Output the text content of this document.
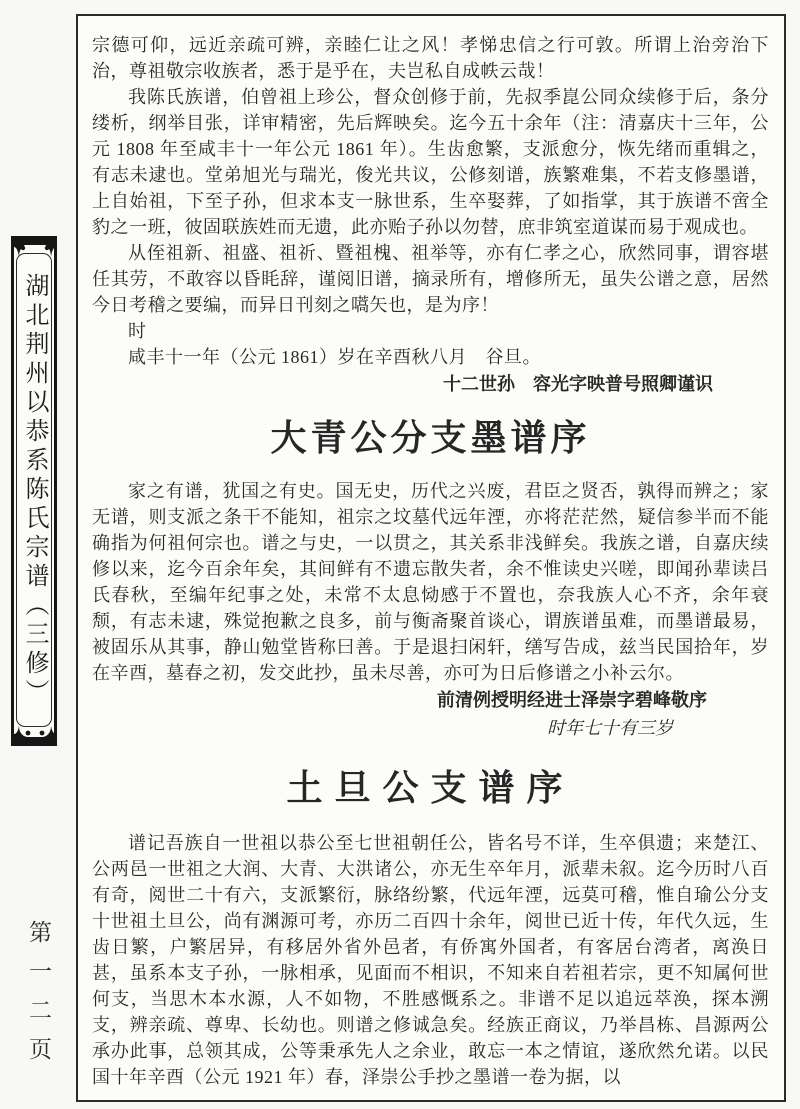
湖北荆州以恭系陈氏宗谱（三修）
第一二页

宗德可仰，远近亲疏可辨，亲睦仁让之风！孝悌忠信之行可敦。所谓上治旁治下治，尊祖敬宗收族者，悉于是乎在，夫岂私自成帙云哉！

我陈氏族谱，伯曾祖上珍公，督众创修于前，先叔季崑公同众续修于后，条分缕析，纲举目张，详审精密，先后辉映矣。迄今五十余年（注：清嘉庆十三年，公元 1808 年至咸丰十一年公元 1861 年）。生齿愈繁，支派愈分，恢先绪而重辑之，有志未逮也。堂弟旭光与瑞光，俊光共议，公修刻谱，族繁难集，不若支修墨谱，上自始祖，下至子孙，但求本支一脉世系，生卒娶葬，了如指掌，其于族谱不啻全豹之一班，彼固联族姓而无遗，此亦贻子孙以勿替，庶非筑室道谋而易于观成也。

从侄祖新、祖盛、祖祈、暨祖槐、祖举等，亦有仁孝之心，欣然同事，谓容堪任其劳，不敢容以昏眊辞，谨阅旧谱，摘录所有，增修所无，虽失公谱之意，居然今日考稽之要编，而异日刊刻之嚆矢也，是为序！

时

咸丰十一年（公元 1861）岁在辛酉秋八月　谷旦。

十二世孙　容光字映普号照卿谨识

大青公分支墨谱序

家之有谱，犹国之有史。国无史，历代之兴废，君臣之贤否，孰得而辨之；家无谱，则支派之条干不能知，祖宗之坟墓代远年湮，亦将茫茫然，疑信参半而不能确指为何祖何宗也。谱之与史，一以贯之，其关系非浅鲜矣。我族之谱，自嘉庆续修以来，迄今百余年矣，其间鲜有不遗忘散失者，余不惟读史兴嗟，即闻孙辈读吕氏春秋，至编年纪事之处，未常不太息恸感于不置也，奈我族人心不齐，余年衰颓，有志未逮，殊觉抱歉之良多，前与衡斋聚首谈心，谓族谱虽难，而墨谱最易，被固乐从其事，静山勉堂皆称曰善。于是退扫闲轩，缮写告成，兹当民国拾年，岁在辛酉，墓春之初，发交此抄，虽未尽善，亦可为日后修谱之小补云尔。

前清例授明经进士泽崇字碧峰敬序

时年七十有三岁

土旦公支谱序

谱记吾族自一世祖以恭公至七世祖朝任公，皆名号不详，生卒俱遗；来楚江、公两邑一世祖之大润、大青、大洪诸公，亦无生卒年月，派辈未叙。迄今历时八百有奇，阅世二十有六，支派繁衍，脉络纷繁，代远年湮，远莫可稽，惟自瑜公分支十世祖土旦公，尚有渊源可考，亦历二百四十余年，阅世已近十传，年代久远，生齿日繁，户繁居异，有移居外省外邑者，有侨寓外国者，有客居台湾者，离涣日甚，虽系本支子孙，一脉相承，见面而不相识，不知来自若祖若宗，更不知属何世何支，当思木本水源，人不如物，不胜感慨系之。非谱不足以追远萃涣，探本溯支，辨亲疏、尊卑、长幼也。则谱之修诚急矣。经族正商议，乃举昌栋、昌源两公承办此事，总领其成，公等秉承先人之余业，敢忘一本之情谊，遂欣然允诺。以民国十年辛酉（公元 1921 年）春，泽崇公手抄之墨谱一卷为据，以
